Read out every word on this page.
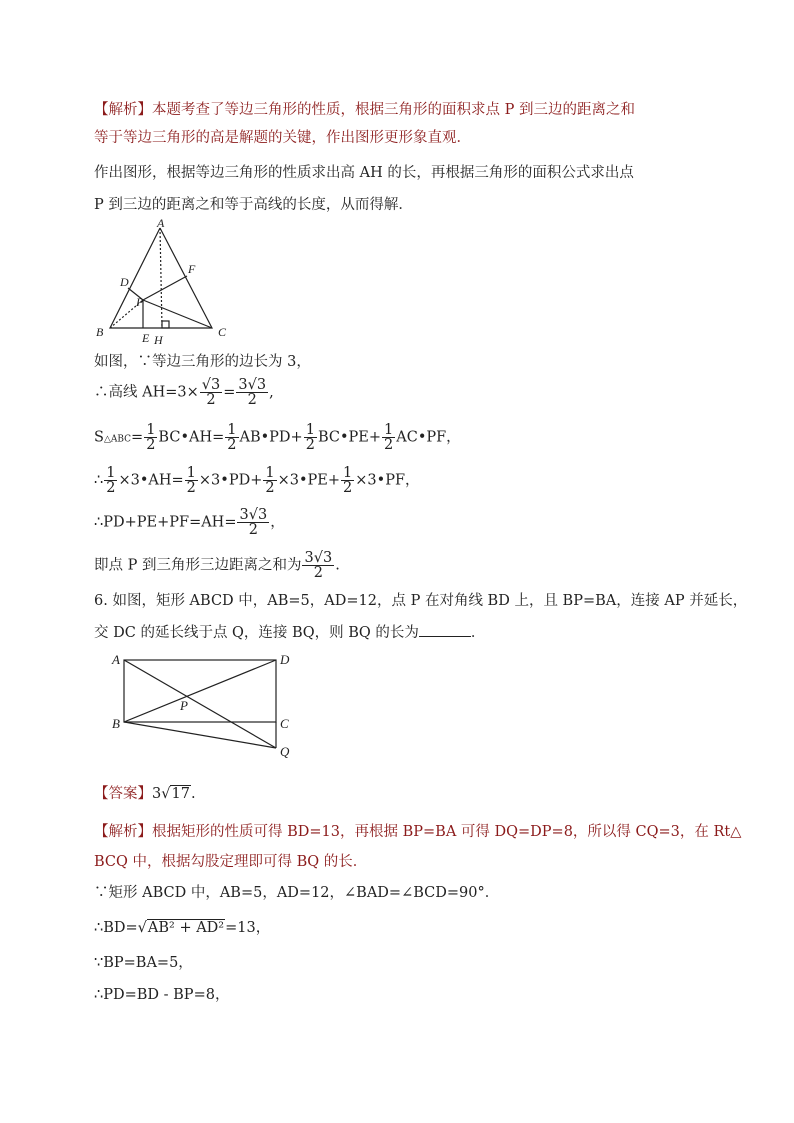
【解析】本题考查了等边三角形的性质，根据三角形的面积求点 P 到三边的距离之和
等于等边三角形的高是解题的关键，作出图形更形象直观．
作出图形，根据等边三角形的性质求出高 AH 的长，再根据三角形的面积公式求出点
P 到三边的距离之和等于高线的长度，从而得解．
A
B	C
D
E
F
H
P
如图，∵等边三角形的边长为 3，
∴高线 $AH=3\times \frac{√3}{2} = \frac{3√3}{2}$ ,
S△ABC= $\frac{1}{2}$ BC•AH= $\frac{1}{2}$ AB•PD+ $\frac{1}{2}$ BC•PE+ $\frac{1}{2}$ AC•PF，
∴ $\frac{1}{2}$ ×3•AH= $\frac{1}{2}$ ×3•PD+ $\frac{1}{2}$ ×3•PE+ $\frac{1}{2}$ ×3•PF，
∴PD+PE+PF=AH= $\frac{3√3}{2}$ ，
即点 P 到三角形三边距离之和为 $\frac{3√3}{2}$ .
6. 如图，矩形 ABCD 中，AB=5，AD=12，点 P 在对角线 BD 上，且 BP=BA，连接 AP 并延长，
交 DC 的延长线于点 Q，连接 BQ，则 BQ 的长为	．
A
B	C
D
P
Q
【答案】3√17.
【解析】根据矩形的性质可得 BD=13，再根据 BP=BA 可得 DQ=DP=8，所以得 CQ=3，在 Rt△
BCQ 中，根据勾股定理即可得 BQ 的长．
∵矩形 ABCD 中，AB=5，AD=12，∠BAD=∠BCD=90°．
∴BD=√AB² + AD²=13，
∵BP=BA=5，
∴PD=BD - BP=8，
